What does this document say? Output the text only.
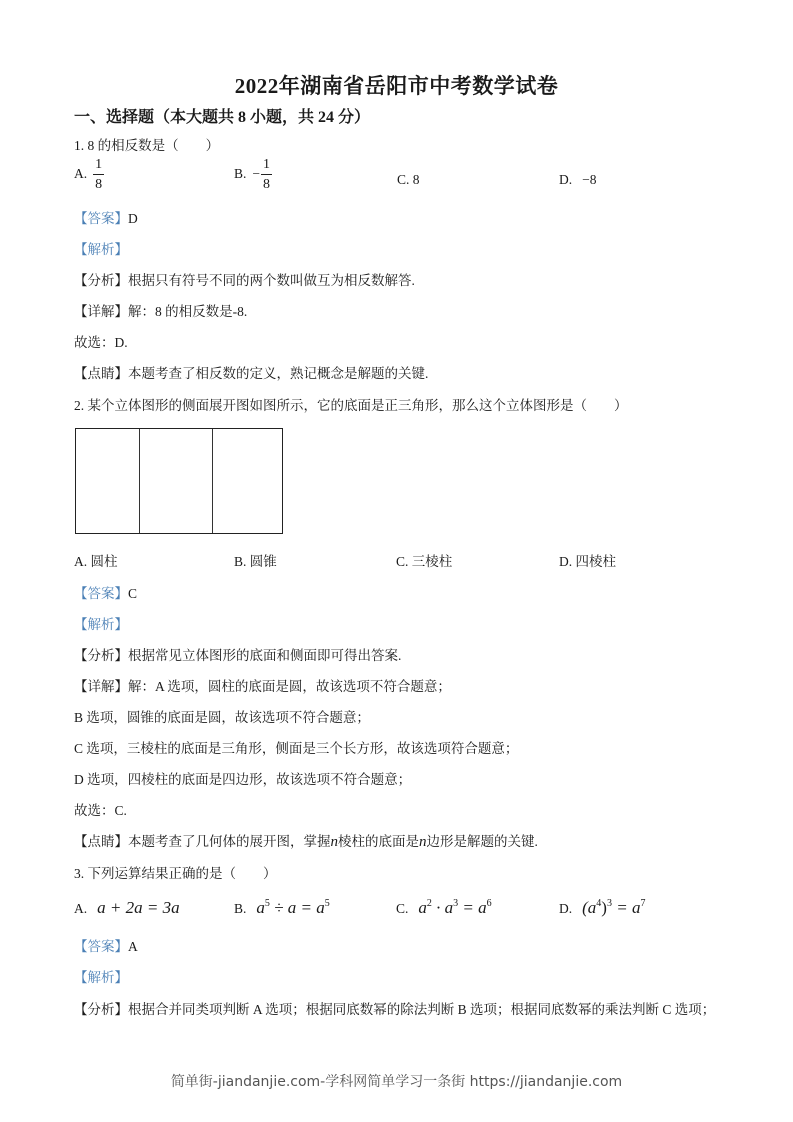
2022年湖南省岳阳市中考数学试卷
一、选择题（本大题共 8 小题，共 24 分）
1. 8 的相反数是（　　）
A. $\frac{1}{8}$	B. − $\frac{1}{8}$	C. 8	D. −8
【答案】D
【解析】
【分析】根据只有符号不同的两个数叫做互为相反数解答.
【详解】解：8 的相反数是-8.
故选：D.
【点睛】本题考查了相反数的定义，熟记概念是解题的关键.
2. 某个立体图形的侧面展开图如图所示，它的底面是正三角形，那么这个立体图形是（　　）
A. 圆柱	B. 圆锥	C. 三棱柱	D. 四棱柱
【答案】C
【解析】
【分析】根据常见立体图形的底面和侧面即可得出答案.
【详解】解：A 选项，圆柱的底面是圆，故该选项不符合题意；
B 选项，圆锥的底面是圆，故该选项不符合题意；
C 选项，三棱柱的底面是三角形，侧面是三个长方形，故该选项符合题意；
D 选项，四棱柱的底面是四边形，故该选项不符合题意；
故选：C.
【点睛】本题考查了几何体的展开图，掌握n棱柱的底面是n边形是解题的关键.
3. 下列运算结果正确的是（　　）
A. a + 2a = 3a	B. $a^5 \div a = a^5$	C. $a^2 \cdot a^3 = a^6$	D. $(a^4)^3 = a^7$
【答案】A
【解析】
【分析】根据合并同类项判断 A 选项；根据同底数幂的除法判断 B 选项；根据同底数幂的乘法判断 C 选项；
简单街-jiandanjie.com-学科网简单学习一条街 https://jiandanjie.com
